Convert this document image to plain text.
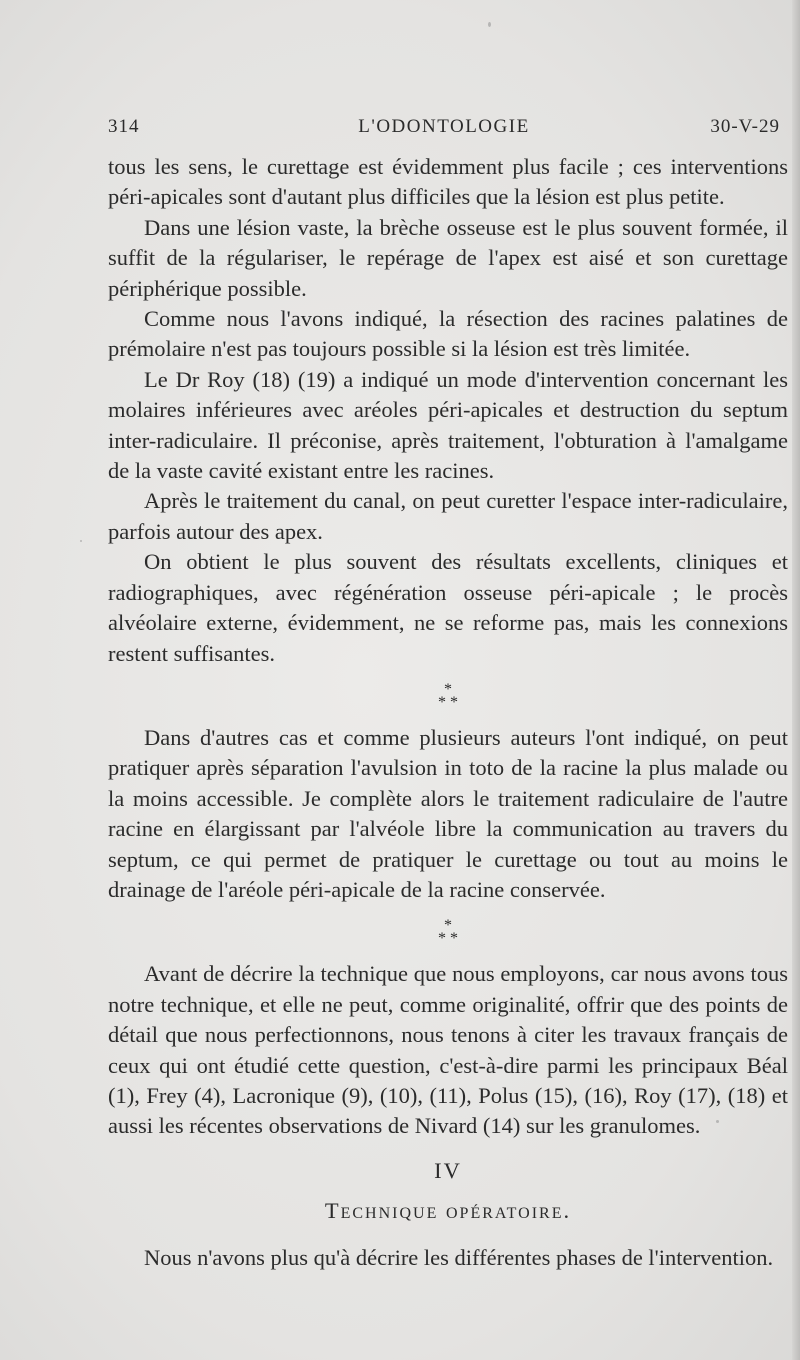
314	L'ODONTOLOGIE	30-V-29

tous les sens, le curettage est évidemment plus facile ; ces interventions péri-apicales sont d'autant plus difficiles que la lésion est plus petite.

Dans une lésion vaste, la brèche osseuse est le plus souvent formée, il suffit de la régulariser, le repérage de l'apex est aisé et son curettage périphérique possible.

Comme nous l'avons indiqué, la résection des racines palatines de prémolaire n'est pas toujours possible si la lésion est très limitée.

Le Dr Roy (18) (19) a indiqué un mode d'intervention concernant les molaires inférieures avec aréoles péri-apicales et destruction du septum inter-radiculaire. Il préconise, après traitement, l'obturation à l'amalgame de la vaste cavité existant entre les racines.

Après le traitement du canal, on peut curetter l'espace inter-radiculaire, parfois autour des apex.

On obtient le plus souvent des résultats excellents, cliniques et radiographiques, avec régénération osseuse péri-apicale ; le procès alvéolaire externe, évidemment, ne se reforme pas, mais les connexions restent suffisantes.

*
* *

Dans d'autres cas et comme plusieurs auteurs l'ont indiqué, on peut pratiquer après séparation l'avulsion in toto de la racine la plus malade ou la moins accessible. Je complète alors le traitement radiculaire de l'autre racine en élargissant par l'alvéole libre la communication au travers du septum, ce qui permet de pratiquer le curettage ou tout au moins le drainage de l'aréole péri-apicale de la racine conservée.

*
* *

Avant de décrire la technique que nous employons, car nous avons tous notre technique, et elle ne peut, comme originalité, offrir que des points de détail que nous perfectionnons, nous tenons à citer les travaux français de ceux qui ont étudié cette question, c'est-à-dire parmi les principaux Béal (1), Frey (4), Lacronique (9), (10), (11), Polus (15), (16), Roy (17), (18) et aussi les récentes observations de Nivard (14) sur les granulomes.

IV
Technique opératoire.

Nous n'avons plus qu'à décrire les différentes phases de l'intervention.
